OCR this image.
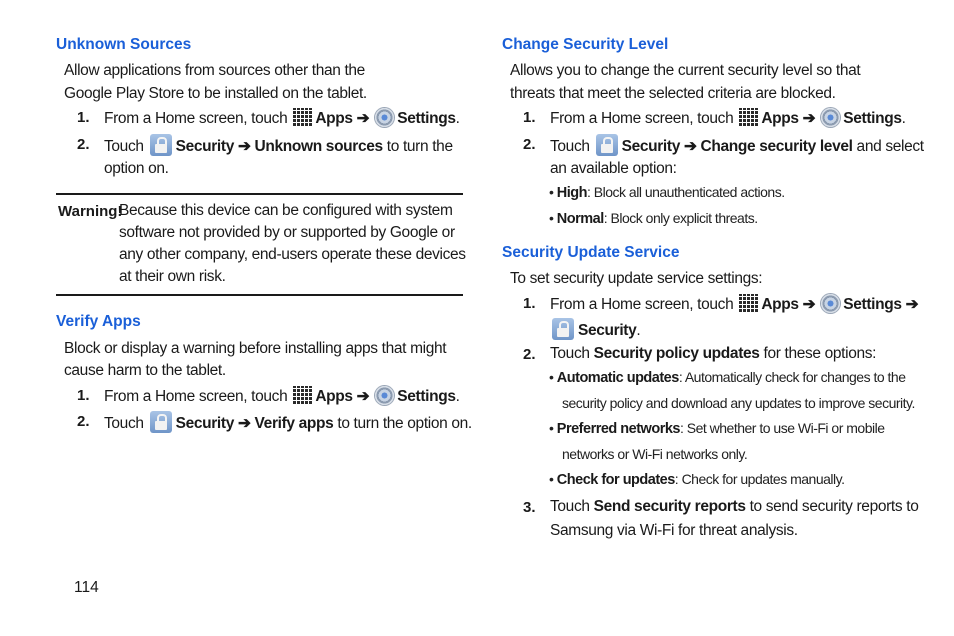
Unknown Sources
Allow applications from sources other than the
Google Play Store to be installed on the tablet.
1. From a Home screen, touch Apps ➔ Settings.
2. Touch Security ➔ Unknown sources to turn the
option on.
Warning!
Because this device can be configured with system
software not provided by or supported by Google or
any other company, end-users operate these devices
at their own risk.
Verify Apps
Block or display a warning before installing apps that might
cause harm to the tablet.
1. From a Home screen, touch Apps ➔ Settings.
2. Touch Security ➔ Verify apps to turn the option on.
Change Security Level
Allows you to change the current security level so that
threats that meet the selected criteria are blocked.
1. From a Home screen, touch Apps ➔ Settings.
2. Touch Security ➔ Change security level and select
an available option:
• High: Block all unauthenticated actions.
• Normal: Block only explicit threats.
Security Update Service
To set security update service settings:
1. From a Home screen, touch Apps ➔ Settings ➔
Security.
2. Touch Security policy updates for these options:
• Automatic updates: Automatically check for changes to the
security policy and download any updates to improve security.
• Preferred networks: Set whether to use Wi-Fi or mobile
networks or Wi-Fi networks only.
• Check for updates: Check for updates manually.
3. Touch Send security reports to send security reports to
Samsung via Wi-Fi for threat analysis.
114
